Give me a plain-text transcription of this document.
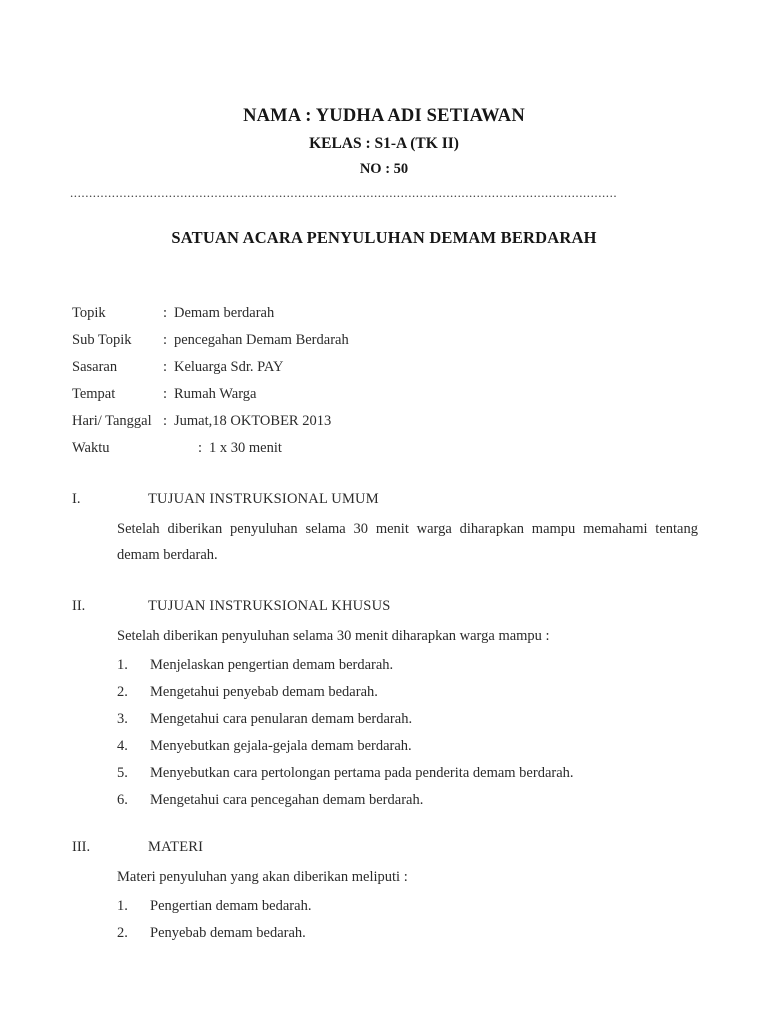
NAMA : YUDHA ADI SETIAWAN
KELAS : S1-A (TK II)
NO : 50
................................................................................................................................................
SATUAN ACARA PENYULUHAN DEMAM BERDARAH
Topik	: Demam berdarah
Sub Topik : pencegahan Demam Berdarah
Sasaran	: Keluarga Sdr. PAY
Tempat	: Rumah Warga
Hari/ Tanggal : Jumat,18 OKTOBER 2013
Waktu	: 1 x 30 menit
I.	TUJUAN INSTRUKSIONAL UMUM
Setelah diberikan penyuluhan selama 30 menit warga diharapkan mampu memahami tentang demam berdarah.
II.	TUJUAN INSTRUKSIONAL KHUSUS
Setelah diberikan penyuluhan selama 30 menit diharapkan warga mampu :
1. Menjelaskan pengertian demam berdarah.
2. Mengetahui penyebab demam bedarah.
3. Mengetahui cara penularan demam berdarah.
4. Menyebutkan gejala-gejala demam berdarah.
5. Menyebutkan cara pertolongan pertama pada penderita demam berdarah.
6. Mengetahui cara pencegahan demam berdarah.
III.	MATERI
Materi penyuluhan yang akan diberikan meliputi :
1. Pengertian demam bedarah.
2. Penyebab demam bedarah.
